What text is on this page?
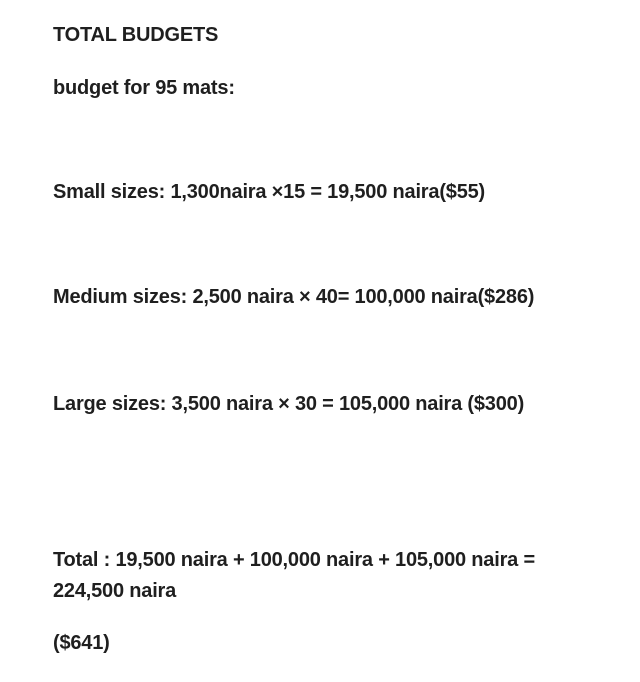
TOTAL BUDGETS
budget for 95 mats:
Small sizes: 1,300naira ×15 = 19,500 naira($55)
Medium sizes: 2,500 naira × 40= 100,000 naira($286)
Large sizes: 3,500 naira × 30 = 105,000 naira ($300)
Total : 19,500 naira + 100,000 naira + 105,000 naira =
224,500 naira
($641)
